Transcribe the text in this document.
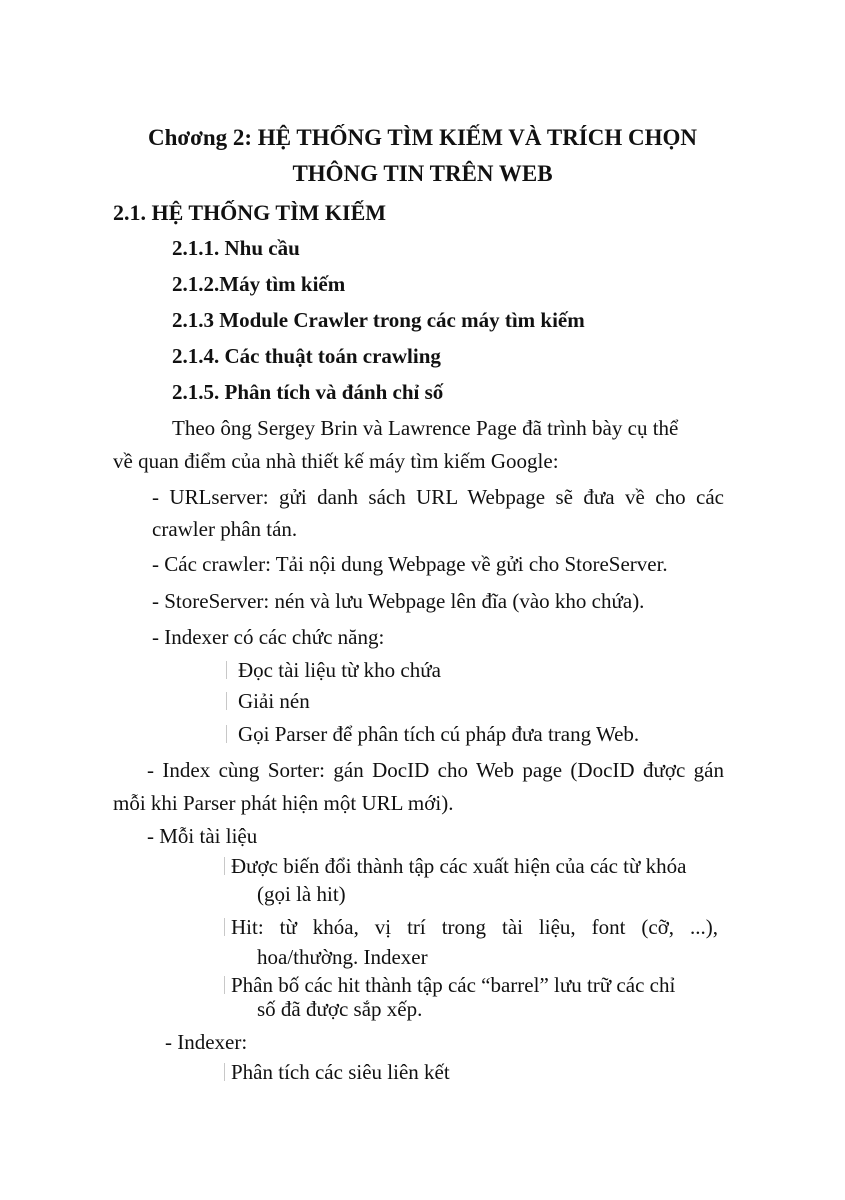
Chơơng 2: HỆ THỐNG TÌM KIẾM VÀ TRÍCH CHỌN
THÔNG TIN TRÊN WEB
2.1. HỆ THỐNG TÌM KIẾM
2.1.1. Nhu cầu
2.1.2.Máy tìm kiếm
2.1.3 Module Crawler trong các máy tìm kiếm
2.1.4. Các thuật toán crawling
2.1.5. Phân tích và đánh chỉ số
Theo ông Sergey Brin và Lawrence Page đã trình bày cụ thể
về quan điểm của nhà thiết kế máy tìm kiếm Google:
- URLserver: gửi danh sách URL Webpage sẽ đưa về cho các
crawler phân tán.
- Các crawler: Tải nội dung Webpage về gửi cho StoreServer.
- StoreServer: nén và lưu Webpage lên đĩa (vào kho chứa).
- Indexer có các chức năng:
Đọc tài liệu từ kho chứa
Giải nén
Gọi Parser để phân tích cú pháp đưa trang Web.
- Index cùng Sorter: gán DocID cho Web page (DocID được gán
mỗi khi Parser phát hiện một URL mới).
- Mỗi tài liệu
Được biến đổi thành tập các xuất hiện của các từ khóa
(gọi là hit)
Hit: từ khóa, vị trí trong tài liệu, font (cỡ, ...),
hoa/thường. Indexer
Phân bố các hit thành tập các “barrel” lưu trữ các chỉ
số đã được sắp xếp.
- Indexer:
Phân tích các siêu liên kết
